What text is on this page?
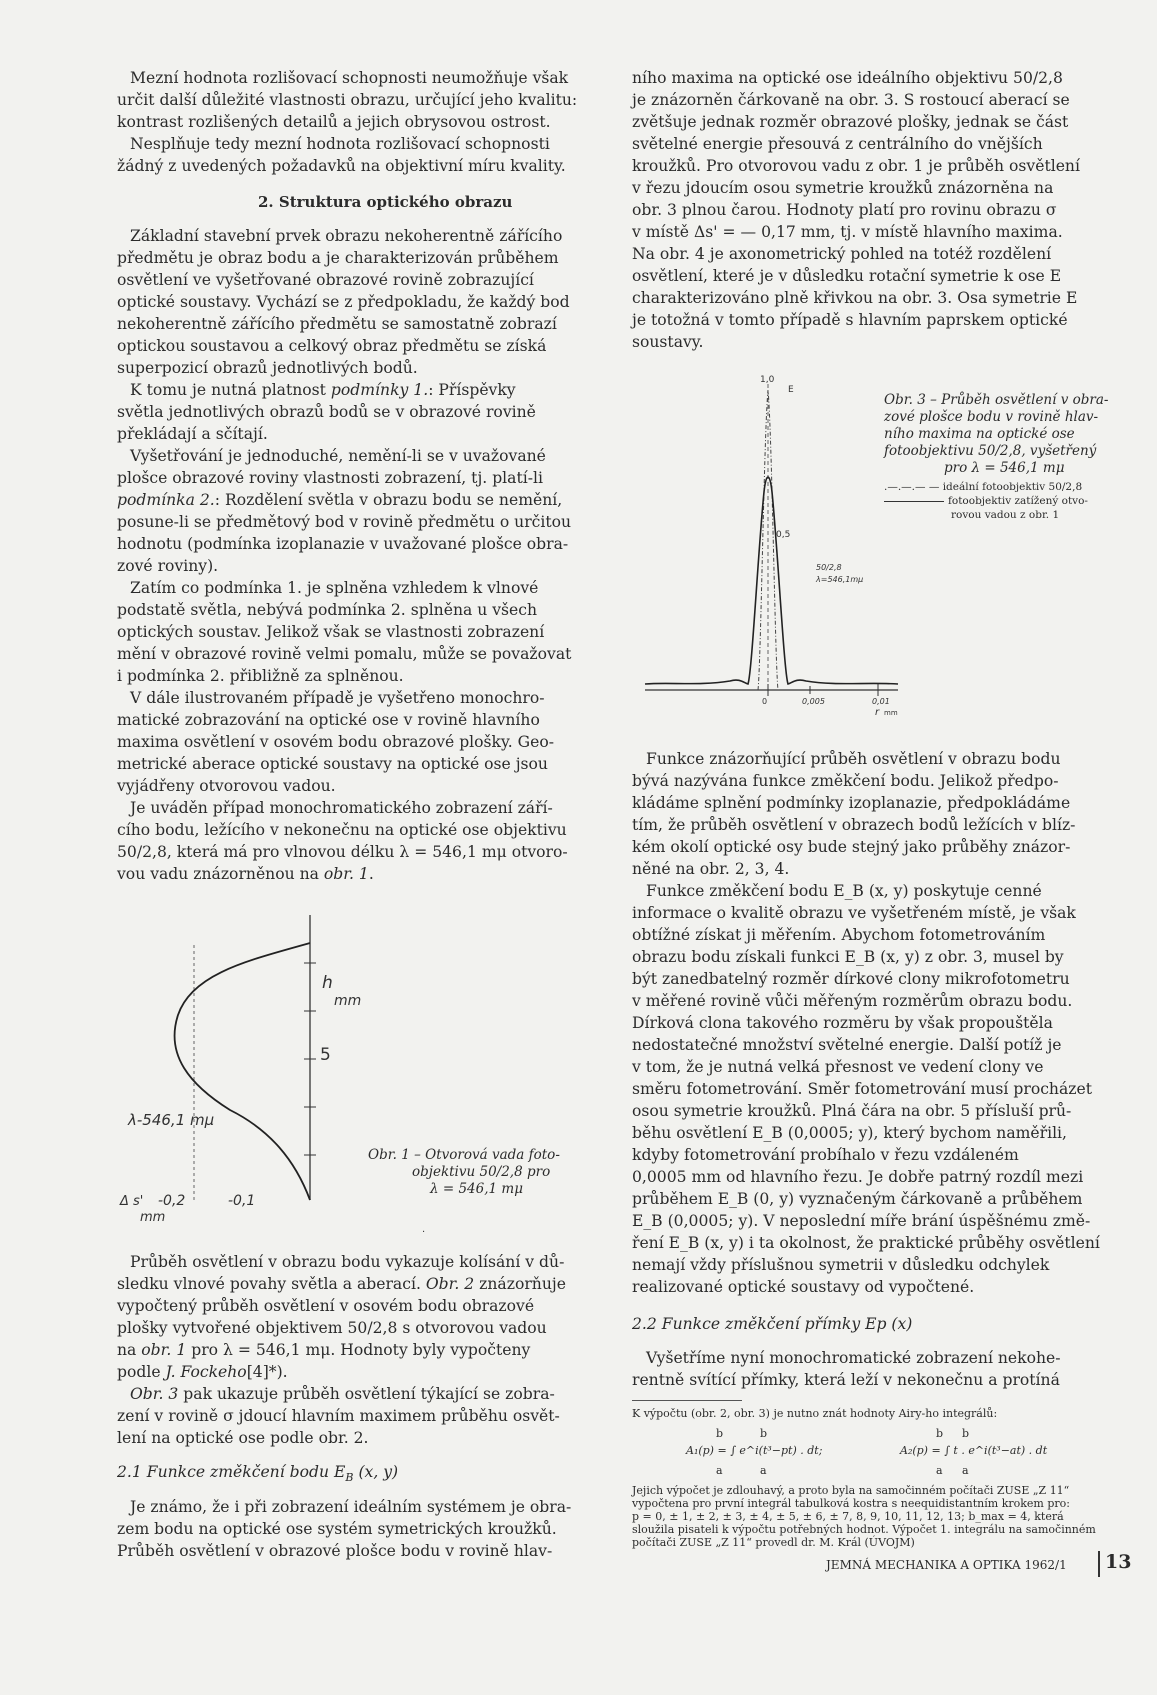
Mezní hodnota rozlišovací schopnosti neumožňuje však
určit další důležité vlastnosti obrazu, určující jeho kvalitu:
kontrast rozlišených detailů a jejich obrysovou ostrost.
Nesplňuje tedy mezní hodnota rozlišovací schopnosti
žádný z uvedených požadavků na objektivní míru kvality.
2. Struktura optického obrazu
Základní stavební prvek obrazu nekoherentně zářícího
předmětu je obraz bodu a je charakterizován průběhem
osvětlení ve vyšetřované obrazové rovině zobrazující
optické soustavy. Vychází se z předpokladu, že každý bod
nekoherentně zářícího předmětu se samostatně zobrazí
optickou soustavou a celkový obraz předmětu se získá
superpozicí obrazů jednotlivých bodů.
K tomu je nutná platnost podmínky 1.: Příspěvky
světla jednotlivých obrazů bodů se v obrazové rovině
překládají a sčítají.
Vyšetřování je jednoduché, nemění-li se v uvažované
plošce obrazové roviny vlastnosti zobrazení, tj. platí-li
podmínka 2.: Rozdělení světla v obrazu bodu se nemění,
posune-li se předmětový bod v rovině předmětu o určitou
hodnotu (podmínka izoplanazie v uvažované plošce obra-
zové roviny).
Zatím co podmínka 1. je splněna vzhledem k vlnové
podstatě světla, nebývá podmínka 2. splněna u všech
optických soustav. Jelikož však se vlastnosti zobrazení
mění v obrazové rovině velmi pomalu, může se považovat
i podmínka 2. přibližně za splněnou.
V dále ilustrovaném případě je vyšetřeno monochro-
matické zobrazování na optické ose v rovině hlavního
maxima osvětlení v osovém bodu obrazové plošky. Geo-
metrické aberace optické soustavy na optické ose jsou
vyjádřeny otvorovou vadou.
Je uváděn případ monochromatického zobrazení září-
cího bodu, ležícího v nekonečnu na optické ose objektivu
50/2,8, která má pro vlnovou délku λ = 546,1 mμ otvoro-
vou vadu znázorněnou na obr. 1.
h
mm
5
λ-546,1 mμ
Δ s' -0,2	-0,1
mm
·
Obr. 1 – Otvorová vada foto-
objektivu 50/2,8 pro
λ = 546,1 mμ
Průběh osvětlení v obrazu bodu vykazuje kolísání v dů-
sledku vlnové povahy světla a aberací. Obr. 2 znázorňuje
vypočtený průběh osvětlení v osovém bodu obrazové
plošky vytvořené objektivem 50/2,8 s otvorovou vadou
na obr. 1 pro λ = 546,1 mμ. Hodnoty byly vypočteny
podle J. Fockeho[4]*).
Obr. 3 pak ukazuje průběh osvětlení týkající se zobra-
zení v rovině σ jdoucí hlavním maximem průběhu osvět-
lení na optické ose podle obr. 2.
2.1 Funkce změkčení bodu $E_B$ (x, y)
Je známo, že i při zobrazení ideálním systémem je obra-
zem bodu na optické ose systém symetrických kroužků.
Průběh osvětlení v obrazové plošce bodu v rovině hlav-
ního maxima na optické ose ideálního objektivu 50/2,8
je znázorněn čárkovaně na obr. 3. S rostoucí aberací se
zvětšuje jednak rozměr obrazové plošky, jednak se část
světelné energie přesouvá z centrálního do vnějších
kroužků. Pro otvorovou vadu z obr. 1 je průběh osvětlení
v řezu jdoucím osou symetrie kroužků znázorněna na
obr. 3 plnou čarou. Hodnoty platí pro rovinu obrazu σ
v místě Δs' = — 0,17 mm, tj. v místě hlavního maxima.
Na obr. 4 je axonometrický pohled na totéž rozdělení
osvětlení, které je v důsledku rotační symetrie k ose E
charakterizováno plně křivkou na obr. 3. Osa symetrie E
je totožná v tomto případě s hlavním paprskem optické
soustavy.
1,0
E
0,5
50/2,8
λ=546,1mμ
0	0,005	0,01
r mm
Obr. 3 – Průběh osvětlení v obra-
zové plošce bodu v rovině hlav-
ního maxima na optické ose
fotoobjektivu 50/2,8, vyšetřený
pro λ = 546,1 mμ
.—.—.— — ideální fotoobjektiv 50/2,8
fotoobjektiv zatížený otvo-
rovou vadou z obr. 1
Funkce znázorňující průběh osvětlení v obrazu bodu
bývá nazývána funkce změkčení bodu. Jelikož předpo-
kládáme splnění podmínky izoplanazie, předpokládáme
tím, že průběh osvětlení v obrazech bodů ležících v blíz-
kém okolí optické osy bude stejný jako průběhy znázor-
něné na obr. 2, 3, 4.
Funkce změkčení bodu E_B (x, y) poskytuje cenné
informace o kvalitě obrazu ve vyšetřeném místě, je však
obtížné získat ji měřením. Abychom fotometrováním
obrazu bodu získali funkci E_B (x, y) z obr. 3, musel by
být zanedbatelný rozměr dírkové clony mikrofotometru
v měřené rovině vůči měřeným rozměrům obrazu bodu.
Dírková clona takového rozměru by však propouštěla
nedostatečné množství světelné energie. Další potíž je
v tom, že je nutná velká přesnost ve vedení clony ve
směru fotometrování. Směr fotometrování musí procházet
osou symetrie kroužků. Plná čára na obr. 5 přísluší prů-
běhu osvětlení E_B (0,0005; y), který bychom naměřili,
kdyby fotometrování probíhalo v řezu vzdáleném
0,0005 mm od hlavního řezu. Je dobře patrný rozdíl mezi
průběhem E_B (0, y) vyznačeným čárkovaně a průběhem
E_B (0,0005; y). V neposlední míře brání úspěšnému změ-
ření E_B (x, y) i ta okolnost, že praktické průběhy osvětlení
nemají vždy příslušnou symetrii v důsledku odchylek
realizované optické soustavy od vypočtené.
2.2 Funkce změkčení přímky Ep (x)
Vyšetříme nyní monochromatické zobrazení nekohe-
rentně svítící přímky, která leží v nekonečnu a protíná
K výpočtu (obr. 2, obr. 3) je nutno znát hodnoty Airy-ho integrálů:
b	b	b b
A₁(p) = ∫ e^i(t³−pt) . dt;	A₂(p) = ∫ t . e^i(t³−at) . dt
a	a	a a
Jejich výpočet je zdlouhavý, a proto byla na samočinném počítači ZUSE „Z 11“
vypočtena pro první integrál tabulková kostra s neequidistantním krokem pro:
p = 0, ± 1, ± 2, ± 3, ± 4, ± 5, ± 6, ± 7, 8, 9, 10, 11, 12, 13; b_max = 4, která
sloužila pisateli k výpočtu potřebných hodnot. Výpočet 1. integrálu na samočinném
počítači ZUSE „Z 11“ provedl dr. M. Král (ÚVOJM)
JEMNÁ MECHANIKA A OPTIKA 1962/1 13
